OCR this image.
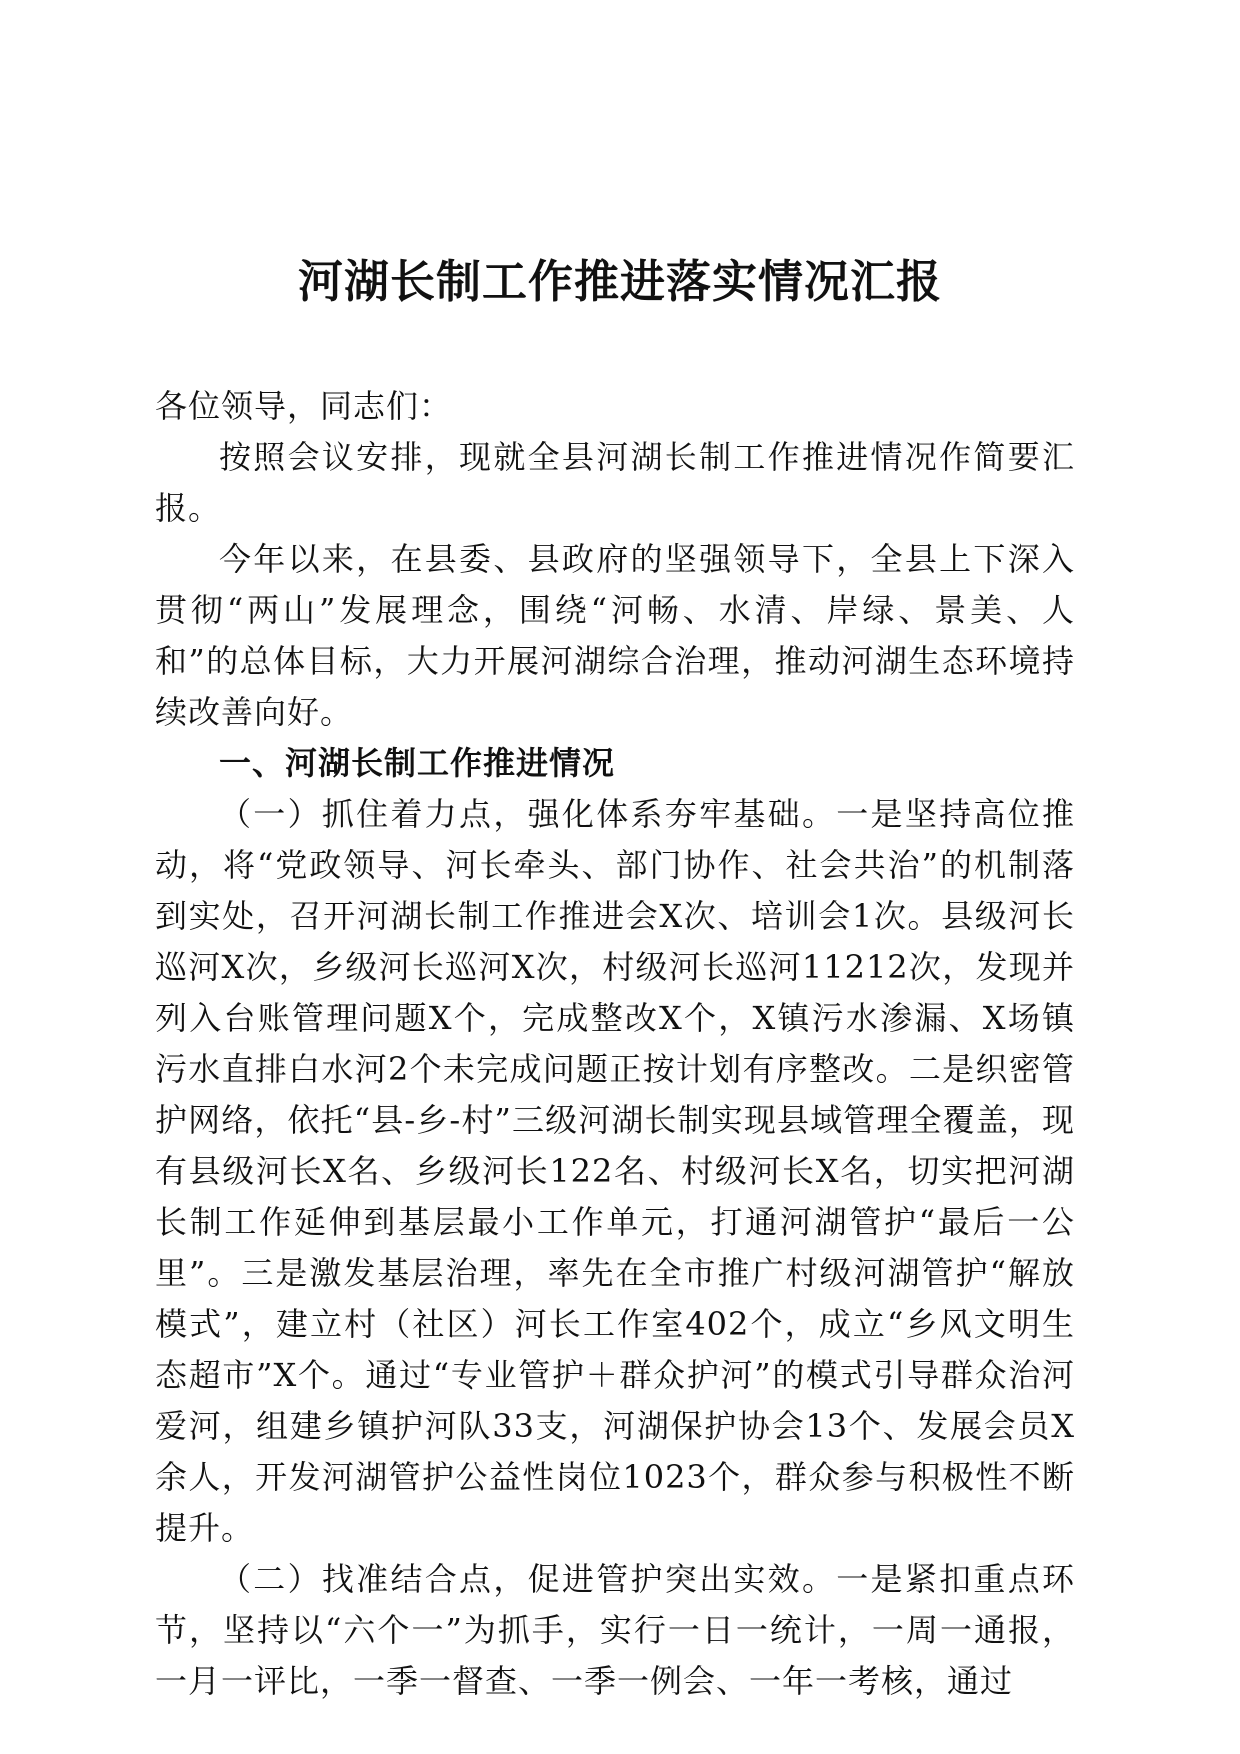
河湖长制工作推进落实情况汇报

各位领导，同志们：

按照会议安排，现就全县河湖长制工作推进情况作简要汇报。

今年以来，在县委、县政府的坚强领导下，全县上下深入贯彻“两山”发展理念，围绕“河畅、水清、岸绿、景美、人和”的总体目标，大力开展河湖综合治理，推动河湖生态环境持续改善向好。

一、河湖长制工作推进情况

（一）抓住着力点，强化体系夯牢基础。一是坚持高位推动，将“党政领导、河长牵头、部门协作、社会共治”的机制落到实处，召开河湖长制工作推进会X次、培训会1次。县级河长巡河X次，乡级河长巡河X次，村级河长巡河11212次，发现并列入台账管理问题X个，完成整改X个，X镇污水渗漏、X场镇污水直排白水河2个未完成问题正按计划有序整改。二是织密管护网络，依托“县-乡-村”三级河湖长制实现县域管理全覆盖，现有县级河长X名、乡级河长122名、村级河长X名，切实把河湖长制工作延伸到基层最小工作单元，打通河湖管护“最后一公里”。三是激发基层治理，率先在全市推广村级河湖管护“解放模式”，建立村（社区）河长工作室402个，成立“乡风文明生态超市”X个。通过“专业管护＋群众护河”的模式引导群众治河爱河，组建乡镇护河队33支，河湖保护协会13个、发展会员X余人，开发河湖管护公益性岗位1023个，群众参与积极性不断提升。

（二）找准结合点，促进管护突出实效。一是紧扣重点环节，坚持以“六个一”为抓手，实行一日一统计，一周一通报，一月一评比，一季一督查、一季一例会、一年一考核，通过
